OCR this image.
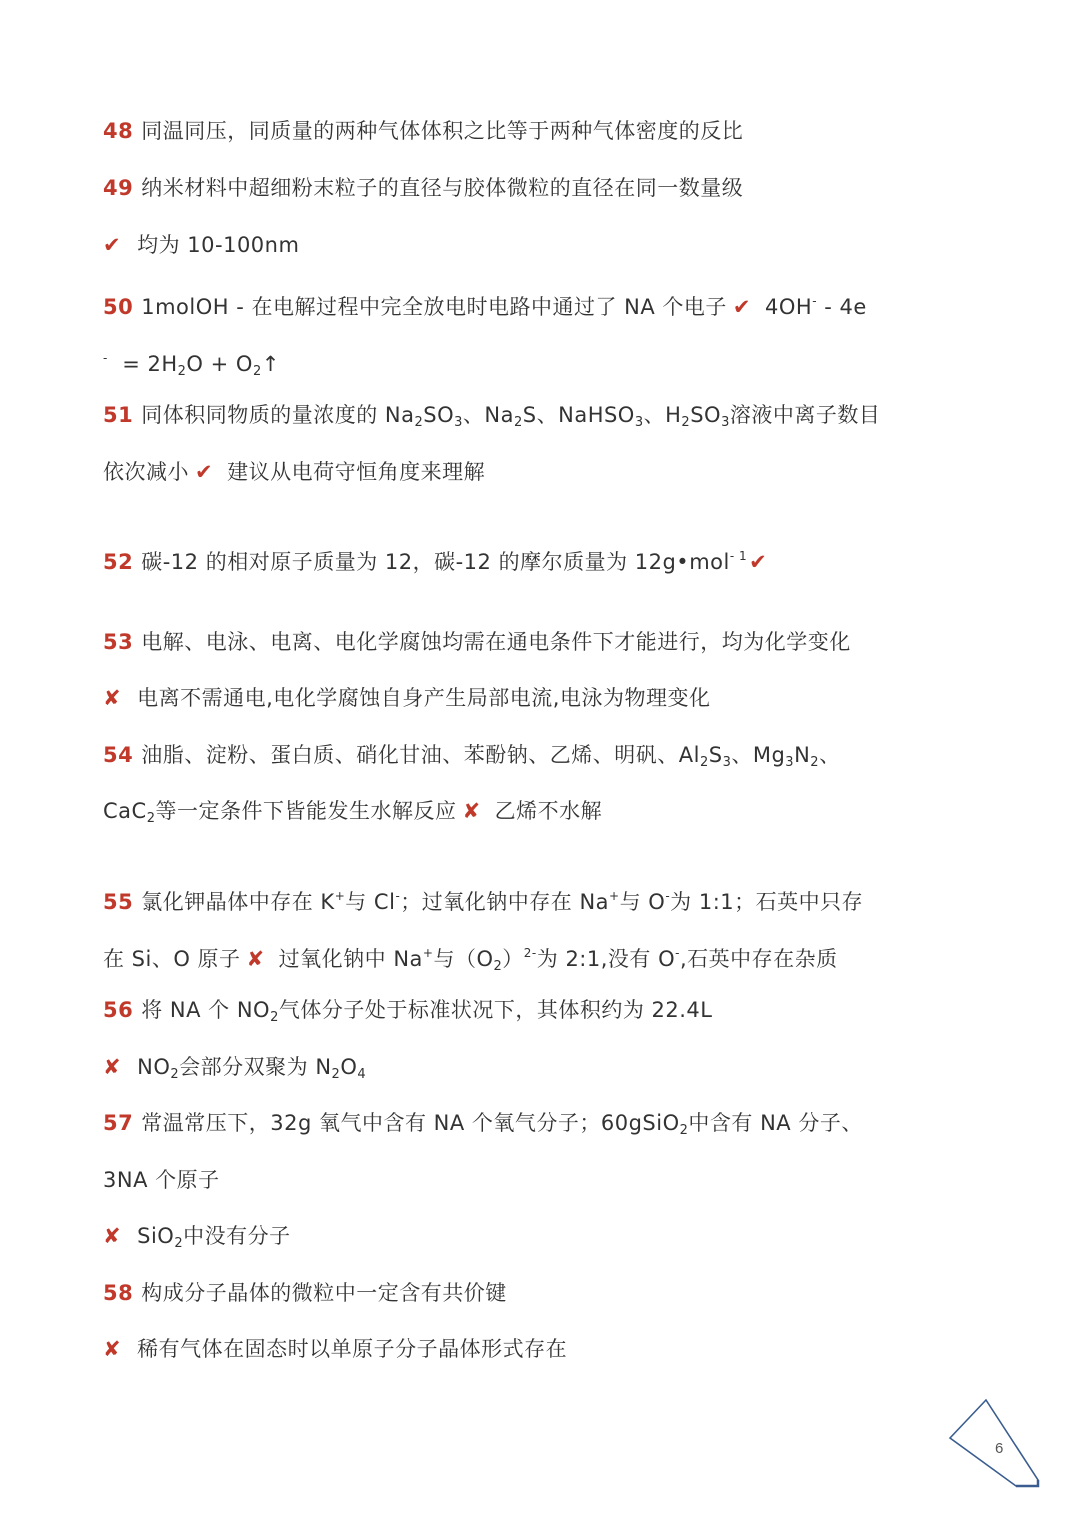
48 同温同压，同质量的两种气体体积之比等于两种气体密度的反比
49 纳米材料中超细粉末粒子的直径与胶体微粒的直径在同一数量级
✔ 均为 10-100nm
50 1molOH - 在电解过程中完全放电时电路中通过了 NA 个电子 ✔ 4OH- - 4e
$^- = 2H_2O$ + $O_2↑$
51 同体积同物质的量浓度的 $Na_2SO_3$、$Na_2S$、NaHSO$_3$、$H_2SO_3$溶液中离子数目
依次减小 ✔ 建议从电荷守恒角度来理解
52 碳-12 的相对原子质量为 12，碳-12 的摩尔质量为 12g•mol$^{- 1}$✔
53 电解、电泳、电离、电化学腐蚀均需在通电条件下才能进行，均为化学变化
✘ 电离不需通电,电化学腐蚀自身产生局部电流,电泳为物理变化
54 油脂、淀粉、蛋白质、硝化甘油、苯酚钠、乙烯、明矾、$Al_2S_3$、$Mg_3N_2$、
CaC$_2$等一定条件下皆能发生水解反应 ✘ 乙烯不水解
55 氯化钾晶体中存在 K+与 Cl-；过氧化钠中存在 Na+与 O-为 1:1；石英中只存
在 Si、O 原子 ✘ 过氧化钠中 Na+与$(O_2)^{2-}$为 2:1,没有 O-,石英中存在杂质
56 将 NA 个 $NO_2$气体分子处于标准状况下，其体积约为 22.4L
✘ $NO_2$会部分双聚为 $N_2O_4$
57 常温常压下，32g 氧气中含有 NA 个氧气分子；60gSiO$_2$中含有 NA 分子、
3NA 个原子
✘ SiO$_2$中没有分子
58 构成分子晶体的微粒中一定含有共价键
✘ 稀有气体在固态时以单原子分子晶体形式存在
6
